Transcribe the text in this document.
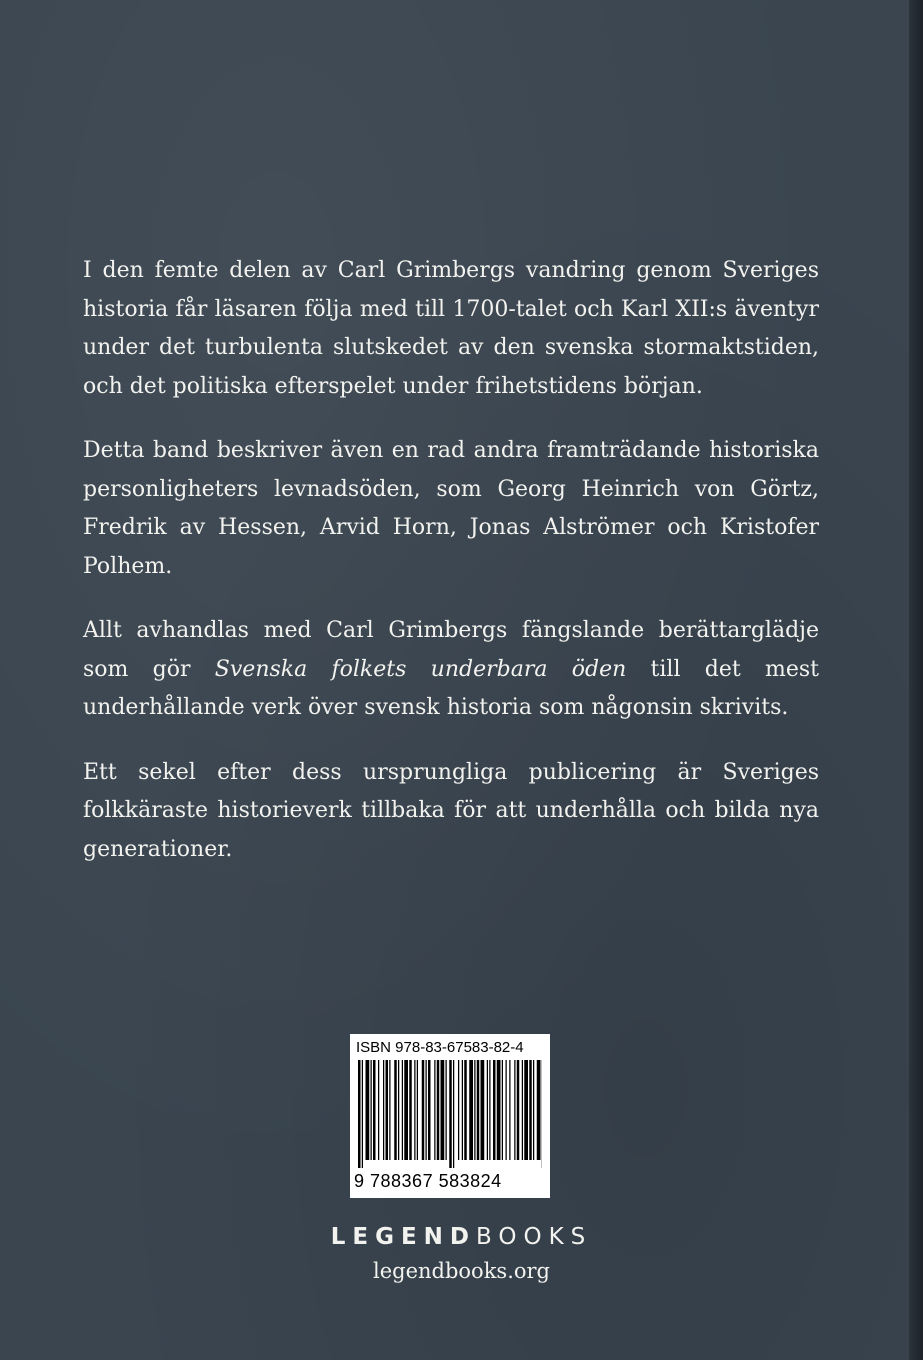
I den femte delen av Carl Grimbergs vandring genom Sveriges historia får läsaren följa med till 1700-talet och Karl XII:s äventyr under det turbulenta slutskedet av den svenska stormaktstiden, och det politiska efterspelet under frihetstidens början.

Detta band beskriver även en rad andra framträdande historiska personligheters levnadsöden, som Georg Heinrich von Görtz, Fredrik av Hessen, Arvid Horn, Jonas Alströmer och Kristofer Polhem.

Allt avhandlas med Carl Grimbergs fängslande berättarglädje som gör Svenska folkets underbara öden till det mest underhållande verk över svensk historia som någonsin skrivits.

Ett sekel efter dess ursprungliga publicering är Sveriges folkkäraste historieverk tillbaka för att underhålla och bilda nya generationer.

ISBN 978-83-67583-82-4
9 788367 583824
LEGENDBOOKS
legendbooks.org
